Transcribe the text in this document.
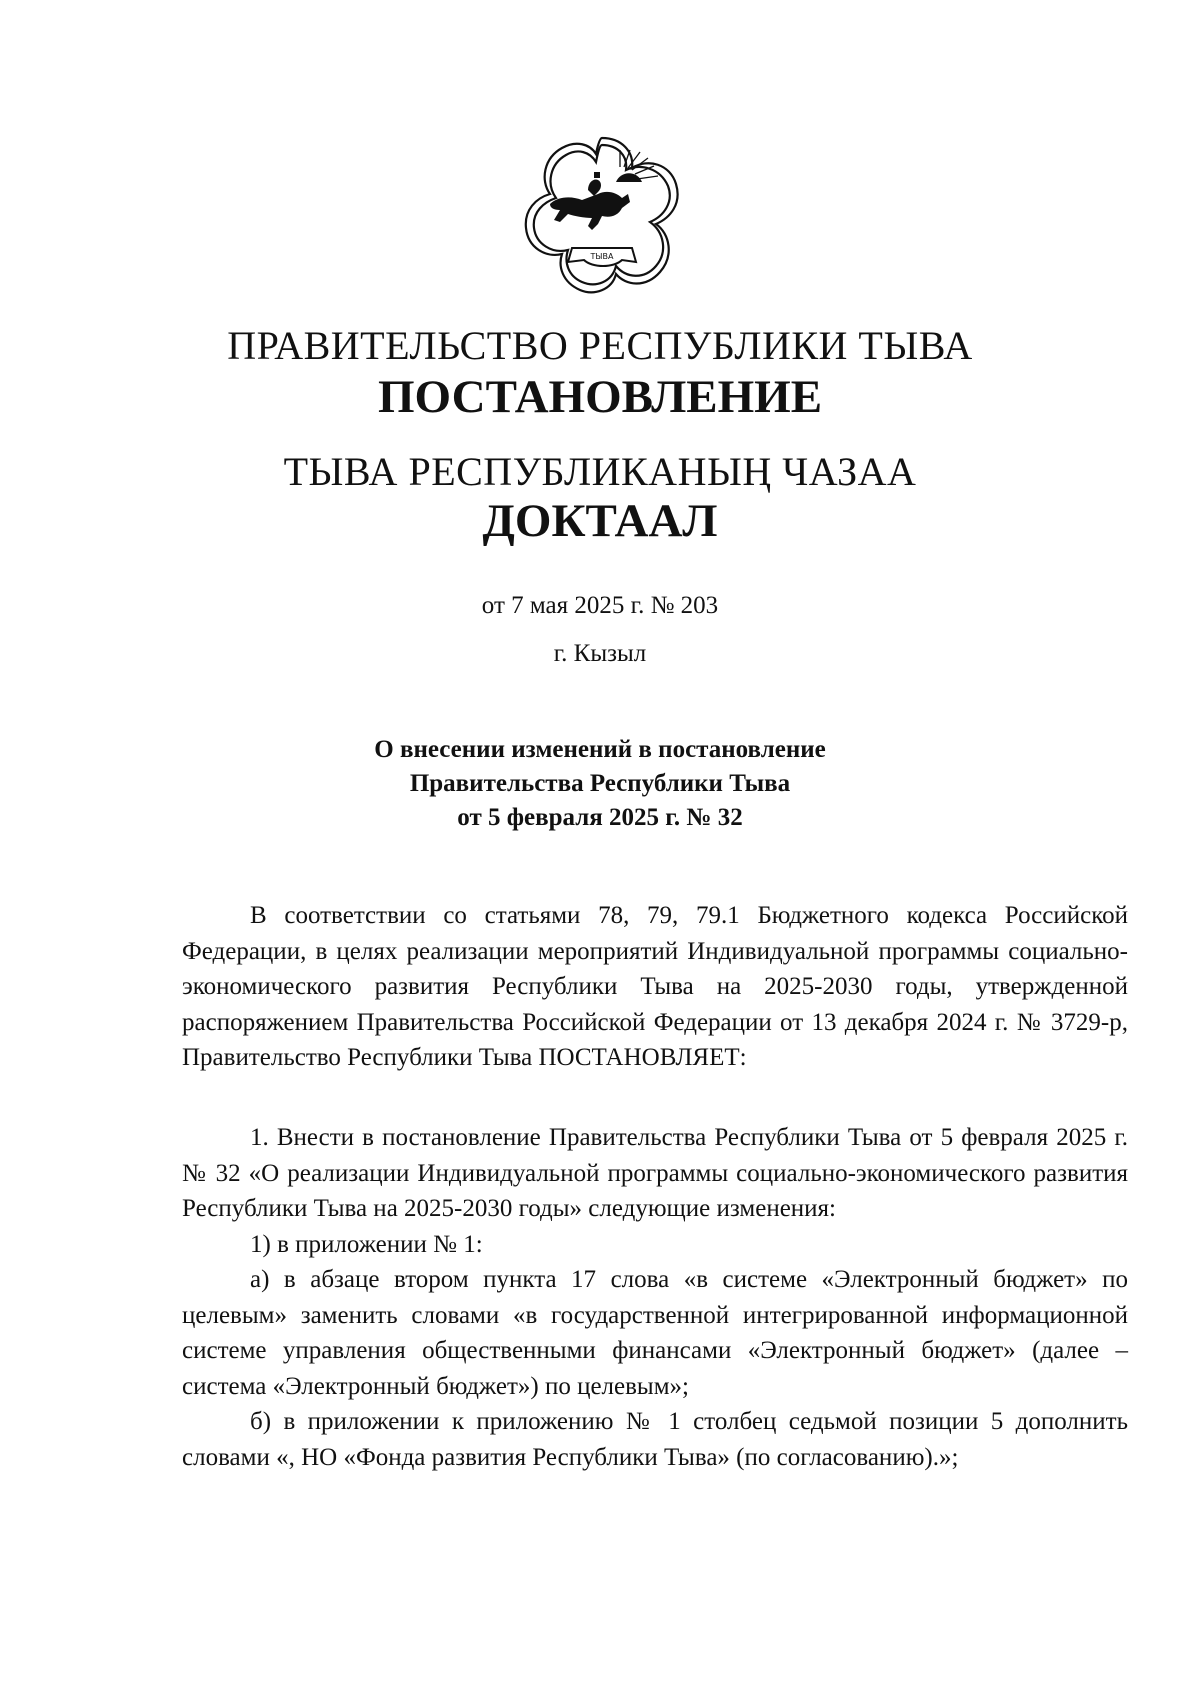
ТЫВА
ПРАВИТЕЛЬСТВО РЕСПУБЛИКИ ТЫВА
ПОСТАНОВЛЕНИЕ
ТЫВА РЕСПУБЛИКАНЫҢ ЧАЗАА
ДОКТААЛ
от 7 мая 2025 г. № 203
г. Кызыл
О внесении изменений в постановление
Правительства Республики Тыва
от 5 февраля 2025 г. № 32

В соответствии со статьями 78, 79, 79.1 Бюджетного кодекса Российской Федерации, в целях реализации мероприятий Индивидуальной программы социально-экономического развития Республики Тыва на 2025-2030 годы, утвержденной распоряжением Правительства Российской Федерации от 13 декабря 2024 г. № 3729-р, Правительство Республики Тыва ПОСТАНОВЛЯЕТ:

1. Внести в постановление Правительства Республики Тыва от 5 февраля 2025 г. № 32 «О реализации Индивидуальной программы социально-экономического развития Республики Тыва на 2025-2030 годы» следующие изменения:

1) в приложении № 1:

а) в абзаце втором пункта 17 слова «в системе «Электронный бюджет» по целевым» заменить словами «в государственной интегрированной информационной системе управления общественными финансами «Электронный бюджет» (далее – система «Электронный бюджет») по целевым»;

б) в приложении к приложению № 1 столбец седьмой позиции 5 дополнить словами «, НО «Фонда развития Республики Тыва» (по согласованию).»;
